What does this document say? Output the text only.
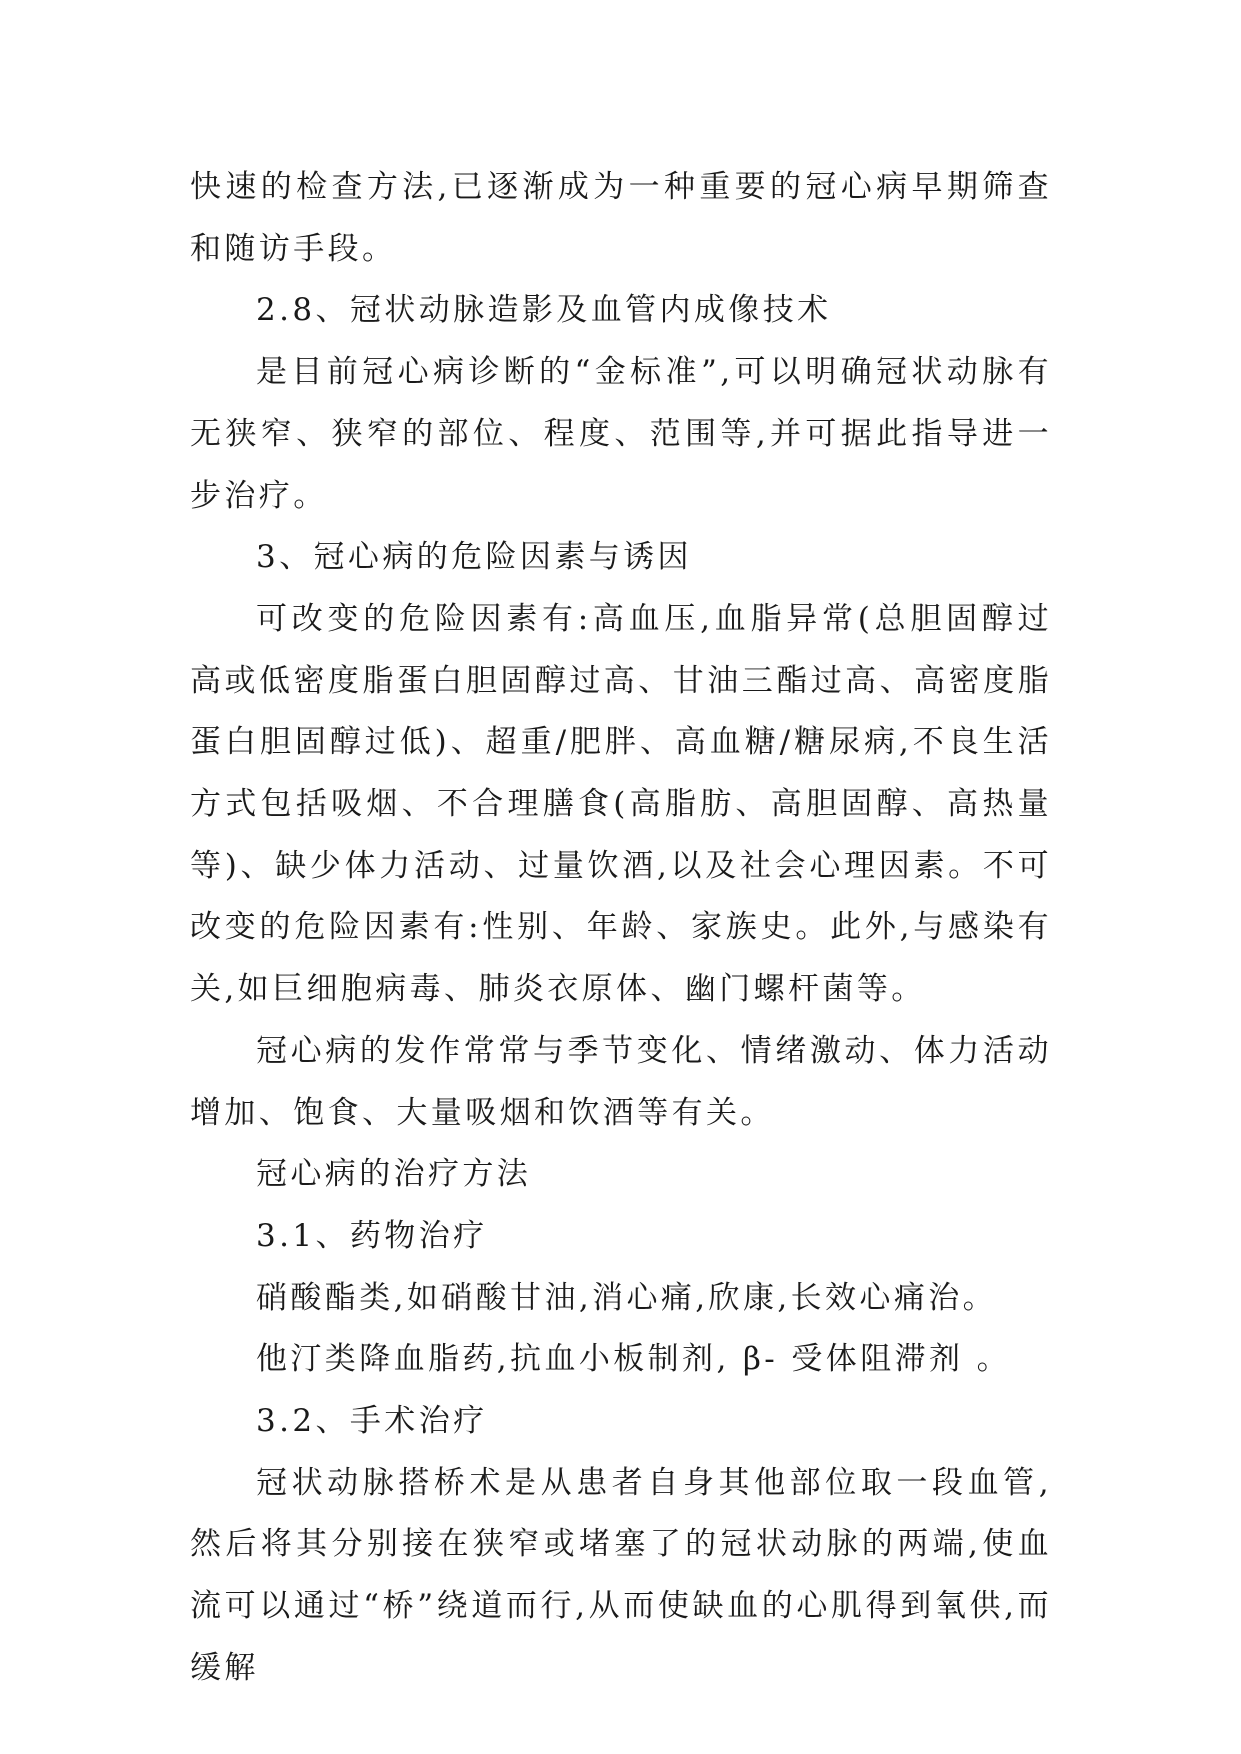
快速的检查方法,已逐渐成为一种重要的冠心病早期筛查和随访手段。

2.8、冠状动脉造影及血管内成像技术

是目前冠心病诊断的“金标准”,可以明确冠状动脉有无狭窄、狭窄的部位、程度、范围等,并可据此指导进一步治疗。

3、冠心病的危险因素与诱因

可改变的危险因素有:高血压,血脂异常(总胆固醇过高或低密度脂蛋白胆固醇过高、甘油三酯过高、高密度脂蛋白胆固醇过低)、超重/肥胖、高血糖/糖尿病,不良生活方式包括吸烟、不合理膳食(高脂肪、高胆固醇、高热量等)、缺少体力活动、过量饮酒,以及社会心理因素。不可改变的危险因素有:性别、年龄、家族史。此外,与感染有关,如巨细胞病毒、肺炎衣原体、幽门螺杆菌等。

冠心病的发作常常与季节变化、情绪激动、体力活动增加、饱食、大量吸烟和饮酒等有关。

冠心病的治疗方法

3.1、药物治疗

硝酸酯类,如硝酸甘油,消心痛,欣康,长效心痛治。

他汀类降血脂药,抗血小板制剂, β- 受体阻滞剂 。

3.2、手术治疗

冠状动脉搭桥术是从患者自身其他部位取一段血管,然后将其分别接在狭窄或堵塞了的冠状动脉的两端,使血流可以通过“桥”绕道而行,从而使缺血的心肌得到氧供,而缓解
